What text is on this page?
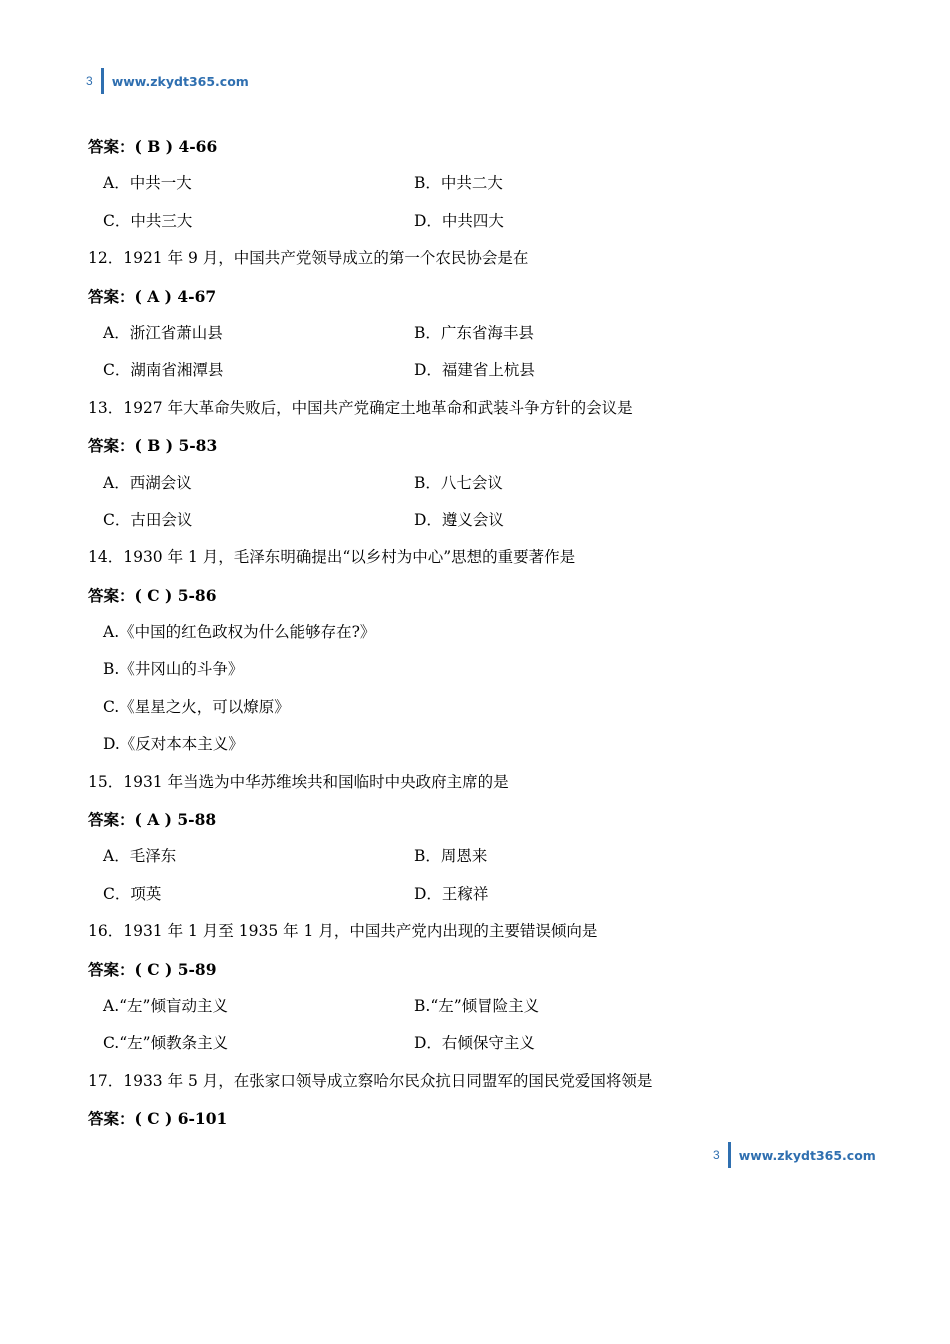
3 www.zkydt365.com
答案：( B ) 4-66
A．中共一大	B．中共二大
C．中共三大	D．中共四大
12．1921 年 9 月，中国共产党领导成立的第一个农民协会是在
答案：( A ) 4-67
A．浙江省萧山县	B．广东省海丰县
C．湖南省湘潭县	D．福建省上杭县
13．1927 年大革命失败后，中国共产党确定土地革命和武装斗争方针的会议是
答案：( B ) 5-83
A．西湖会议	B．八七会议
C．古田会议	D．遵义会议
14．1930 年 1 月，毛泽东明确提出“以乡村为中心”思想的重要著作是
答案：( C ) 5-86
A.《中国的红色政权为什么能够存在?》
B.《井冈山的斗争》
C.《星星之火，可以燎原》
D.《反对本本主义》
15．1931 年当选为中华苏维埃共和国临时中央政府主席的是
答案：( A ) 5-88
A．毛泽东	B．周恩来
C．项英	D．王稼祥
16．1931 年 1 月至 1935 年 1 月，中国共产党内出现的主要错误倾向是
答案：( C ) 5-89
A.“左”倾盲动主义	B.“左”倾冒险主义
C.“左”倾教条主义	D．右倾保守主义
17．1933 年 5 月，在张家口领导成立察哈尔民众抗日同盟军的国民党爱国将领是
答案：( C ) 6-101
3 www.zkydt365.com
